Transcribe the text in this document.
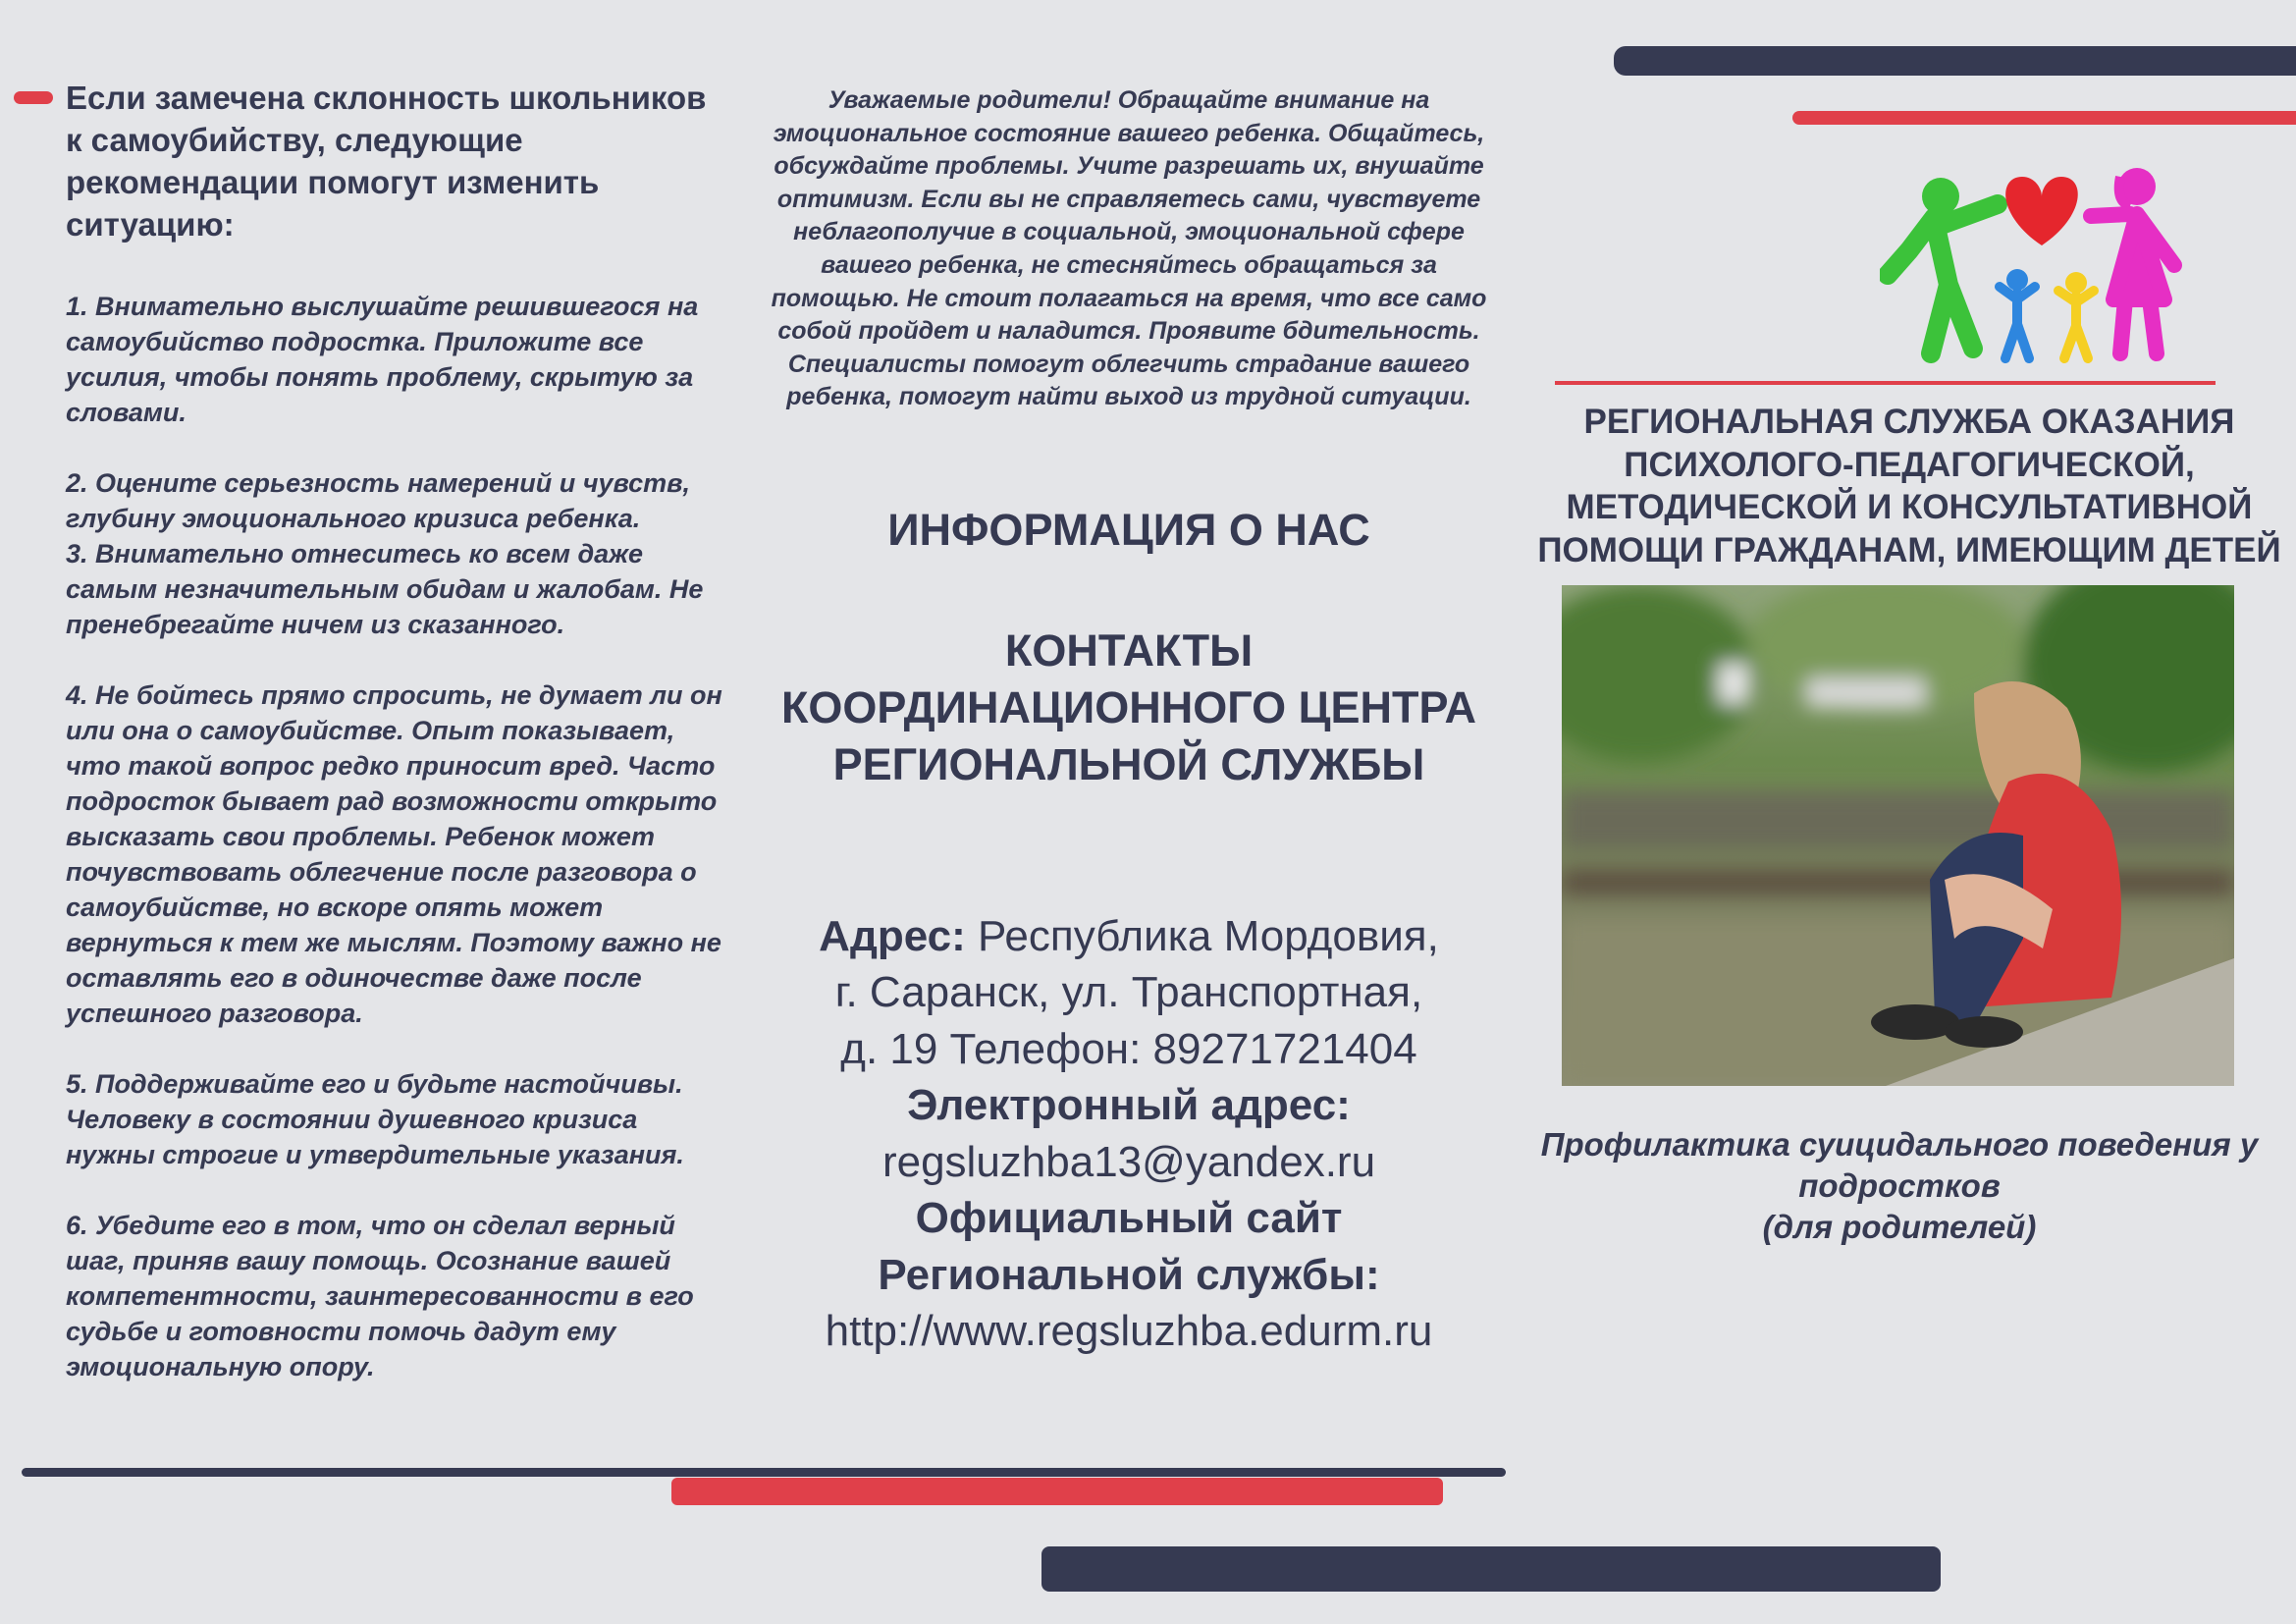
Если замечена склонность школьников к самоубийству, следующие рекомендации помогут изменить ситуацию:

1. Внимательно выслушайте решившегося на самоубийство подростка. Приложите все усилия, чтобы понять проблему, скрытую за словами.

2. Оцените серьезность намерений и чувств, глубину эмоционального кризиса ребенка.

3. Внимательно отнеситесь ко всем даже самым незначительным обидам и жалобам. Не пренебрегайте ничем из сказанного.

4. Не бойтесь прямо спросить, не думает ли он или она о самоубийстве. Опыт показывает, что такой вопрос редко приносит вред. Часто подросток бывает рад возможности открыто высказать свои проблемы. Ребенок может почувствовать облегчение после разговора о самоубийстве, но вскоре опять может вернуться к тем же мыслям. Поэтому важно не оставлять его в одиночестве даже после успешного разговора.

5. Поддерживайте его и будьте настойчивы. Человеку в состоянии душевного кризиса нужны строгие и утвердительные указания.

6. Убедите его в том, что он сделал верный шаг, приняв вашу помощь. Осознание вашей компетентности, заинтересованности в его судьбе и готовности помочь дадут ему эмоциональную опору.

Уважаемые родители! Обращайте внимание на эмоциональное состояние вашего ребенка. Общайтесь, обсуждайте проблемы. Учите разрешать их, внушайте оптимизм. Если вы не справляетесь сами, чувствуете неблагополучие в социальной, эмоциональной сфере вашего ребенка, не стесняйтесь обращаться за помощью. Не стоит полагаться на время, что все само собой пройдет и наладится. Проявите бдительность. Специалисты помогут облегчить страдание вашего ребенка, помогут найти выход из трудной ситуации.

ИНФОРМАЦИЯ О НАС
КОНТАКТЫ
КООРДИНАЦИОННОГО ЦЕНТРА
РЕГИОНАЛЬНОЙ СЛУЖБЫ
Адрес: Республика Мордовия,
г. Саранск, ул. Транспортная,
д. 19 Телефон: 89271721404
Электронный адрес:
regsluzhba13@yandex.ru
Официальный сайт
Региональной службы:
http://www.regsluzhba.edurm.ru
РЕГИОНАЛЬНАЯ СЛУЖБА ОКАЗАНИЯ
ПСИХОЛОГО-ПЕДАГОГИЧЕСКОЙ,
МЕТОДИЧЕСКОЙ И КОНСУЛЬТАТИВНОЙ
ПОМОЩИ ГРАЖДАНАМ, ИМЕЮЩИМ ДЕТЕЙ
Профилактика суицидального поведения у
подростков
(для родителей)
